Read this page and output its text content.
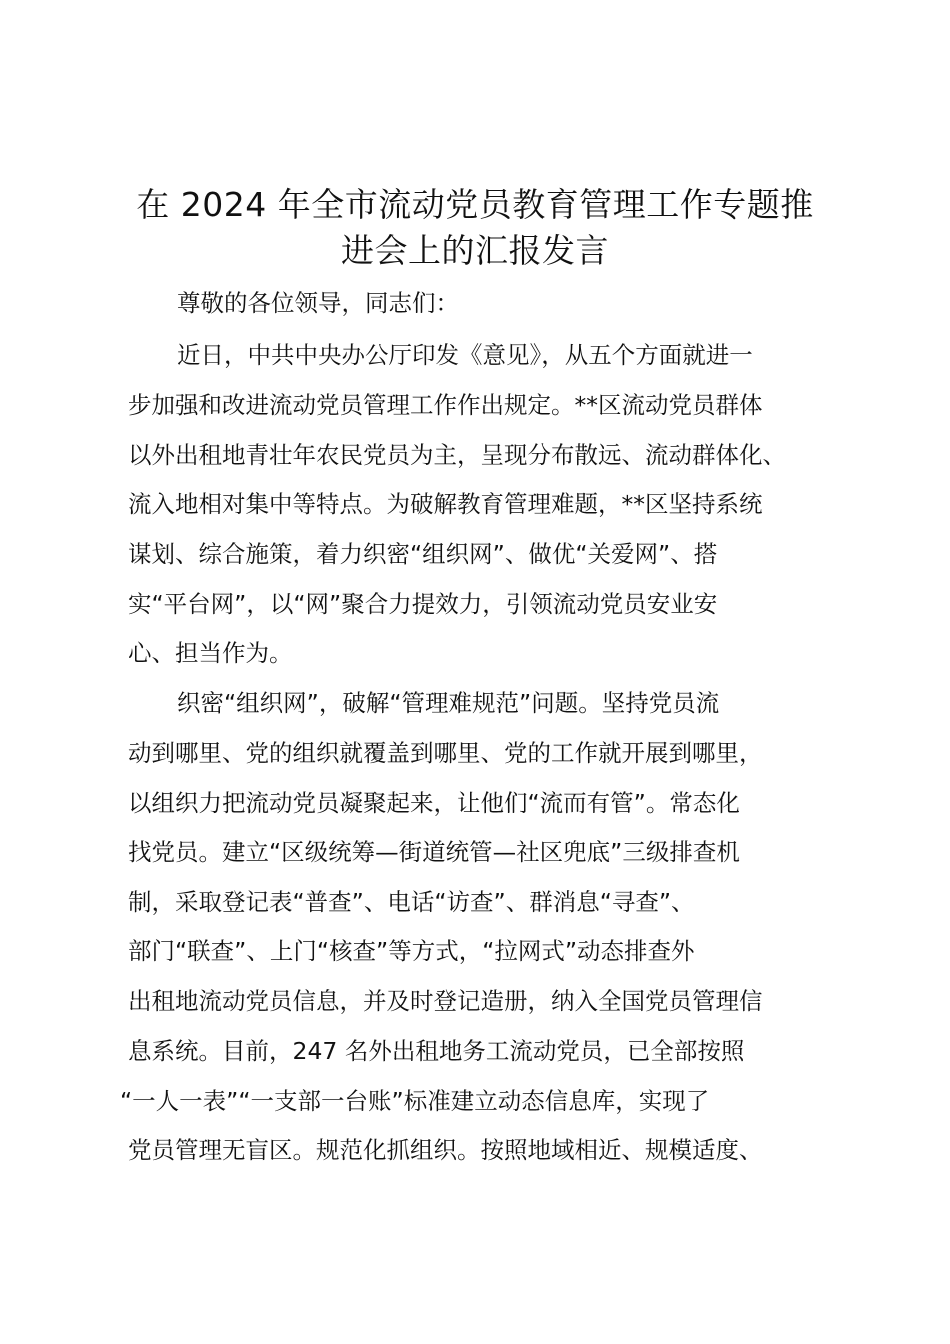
在 2024 年全市流动党员教育管理工作专题推
进会上的汇报发言
尊敬的各位领导，同志们：
近日，中共中央办公厅印发《意见》，从五个方面就进一
步加强和改进流动党员管理工作作出规定。**区流动党员群体
以外出租地青壮年农民党员为主，呈现分布散远、流动群体化、
流入地相对集中等特点。为破解教育管理难题，**区坚持系统
谋划、综合施策，着力织密“组织网”、做优“关爱网”、搭
实“平台网”，以“网”聚合力提效力，引领流动党员安业安
心、担当作为。
织密“组织网”，破解“管理难规范”问题。坚持党员流
动到哪里、党的组织就覆盖到哪里、党的工作就开展到哪里，
以组织力把流动党员凝聚起来，让他们“流而有管”。常态化
找党员。建立“区级统筹—街道统管—社区兜底”三级排查机
制，采取登记表“普查”、电话“访查”、群消息“寻查”、
部门“联查”、上门“核查”等方式，“拉网式”动态排查外
出租地流动党员信息，并及时登记造册，纳入全国党员管理信
息系统。目前，247 名外出租地务工流动党员，已全部按照
“一人一表”“一支部一台账”标准建立动态信息库，实现了
党员管理无盲区。规范化抓组织。按照地域相近、规模适度、
